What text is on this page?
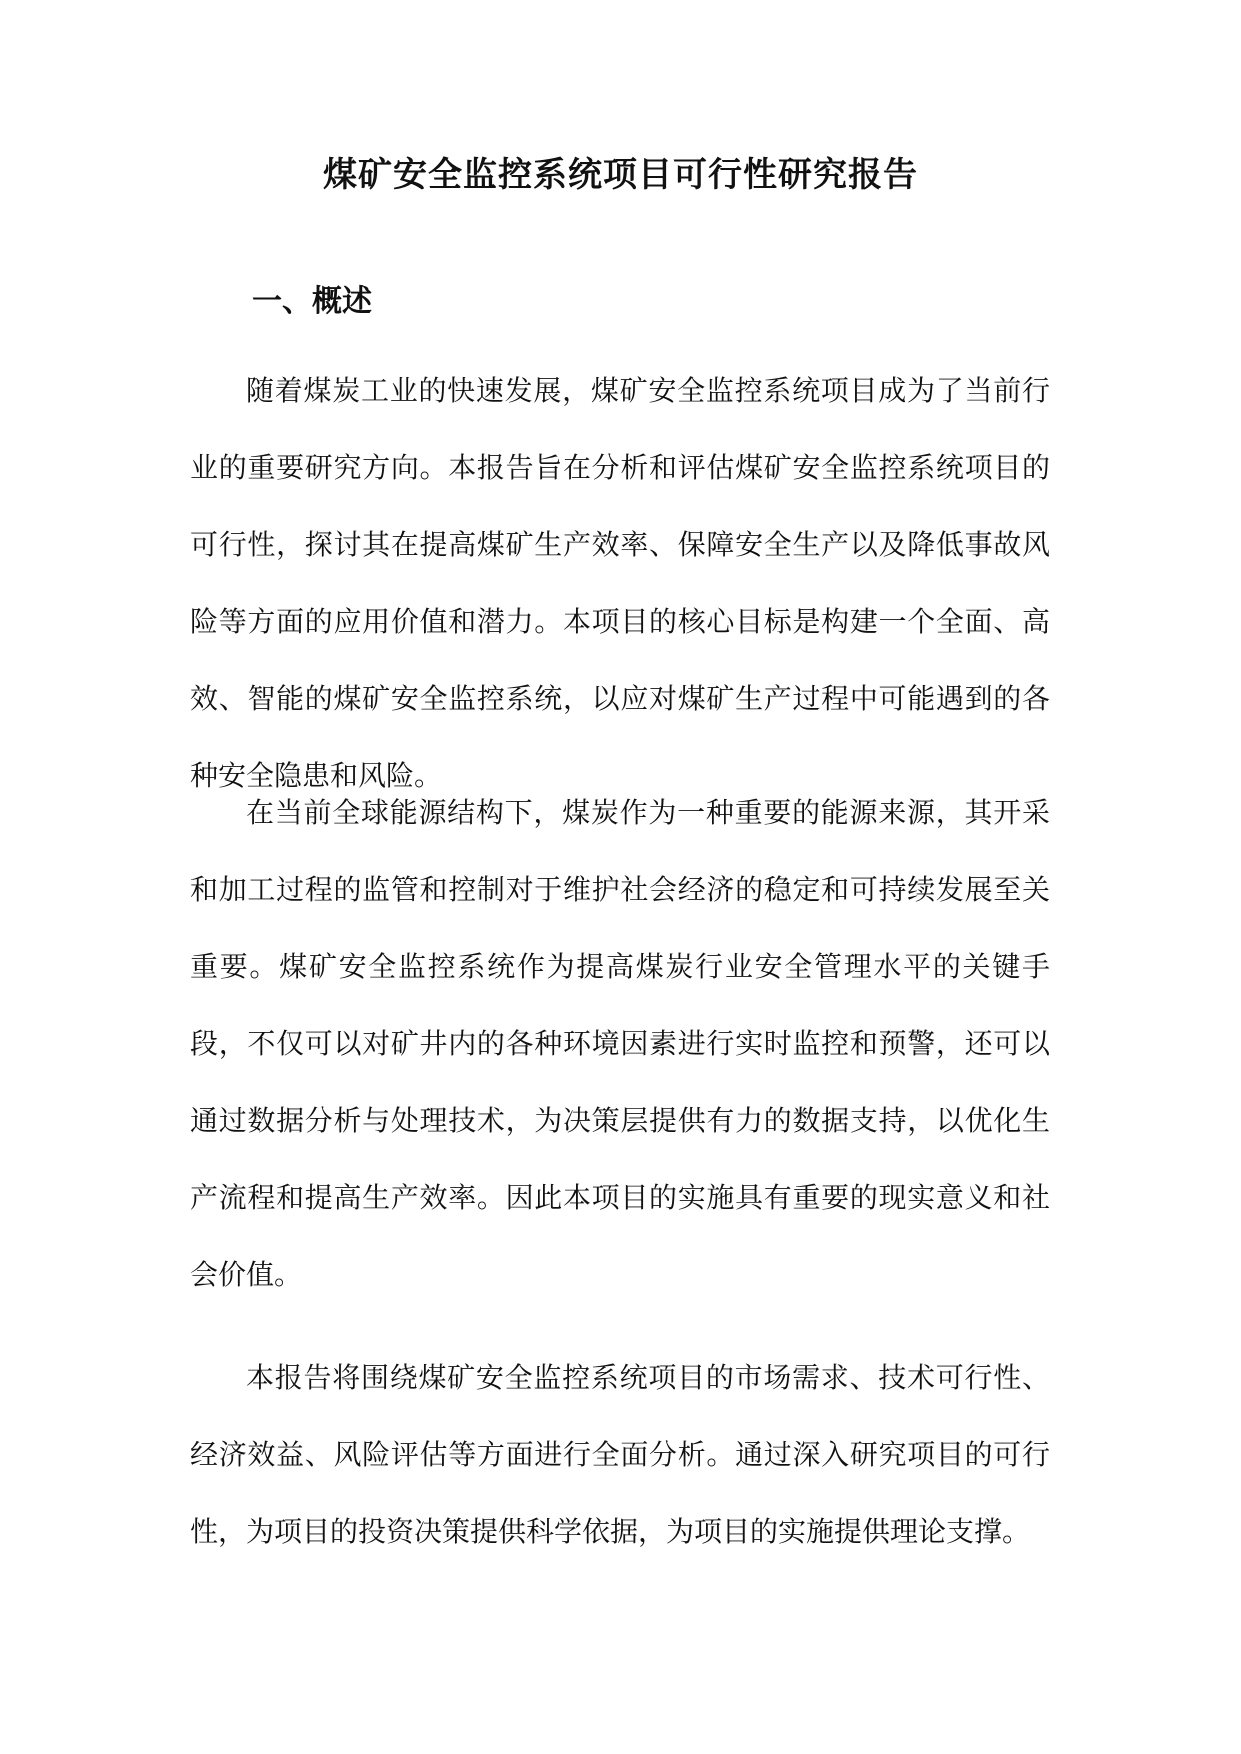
煤矿安全监控系统项目可行性研究报告
一、概述

随着煤炭工业的快速发展，煤矿安全监控系统项目成为了当前行业的重要研究方向。本报告旨在分析和评估煤矿安全监控系统项目的可行性，探讨其在提高煤矿生产效率、保障安全生产以及降低事故风险等方面的应用价值和潜力。本项目的核心目标是构建一个全面、高效、智能的煤矿安全监控系统，以应对煤矿生产过程中可能遇到的各种安全隐患和风险。

在当前全球能源结构下，煤炭作为一种重要的能源来源，其开采和加工过程的监管和控制对于维护社会经济的稳定和可持续发展至关重要。煤矿安全监控系统作为提高煤炭行业安全管理水平的关键手段，不仅可以对矿井内的各种环境因素进行实时监控和预警，还可以通过数据分析与处理技术，为决策层提供有力的数据支持，以优化生产流程和提高生产效率。因此本项目的实施具有重要的现实意义和社会价值。

本报告将围绕煤矿安全监控系统项目的市场需求、技术可行性、经济效益、风险评估等方面进行全面分析。通过深入研究项目的可行性，为项目的投资决策提供科学依据，为项目的实施提供理论支撑。
